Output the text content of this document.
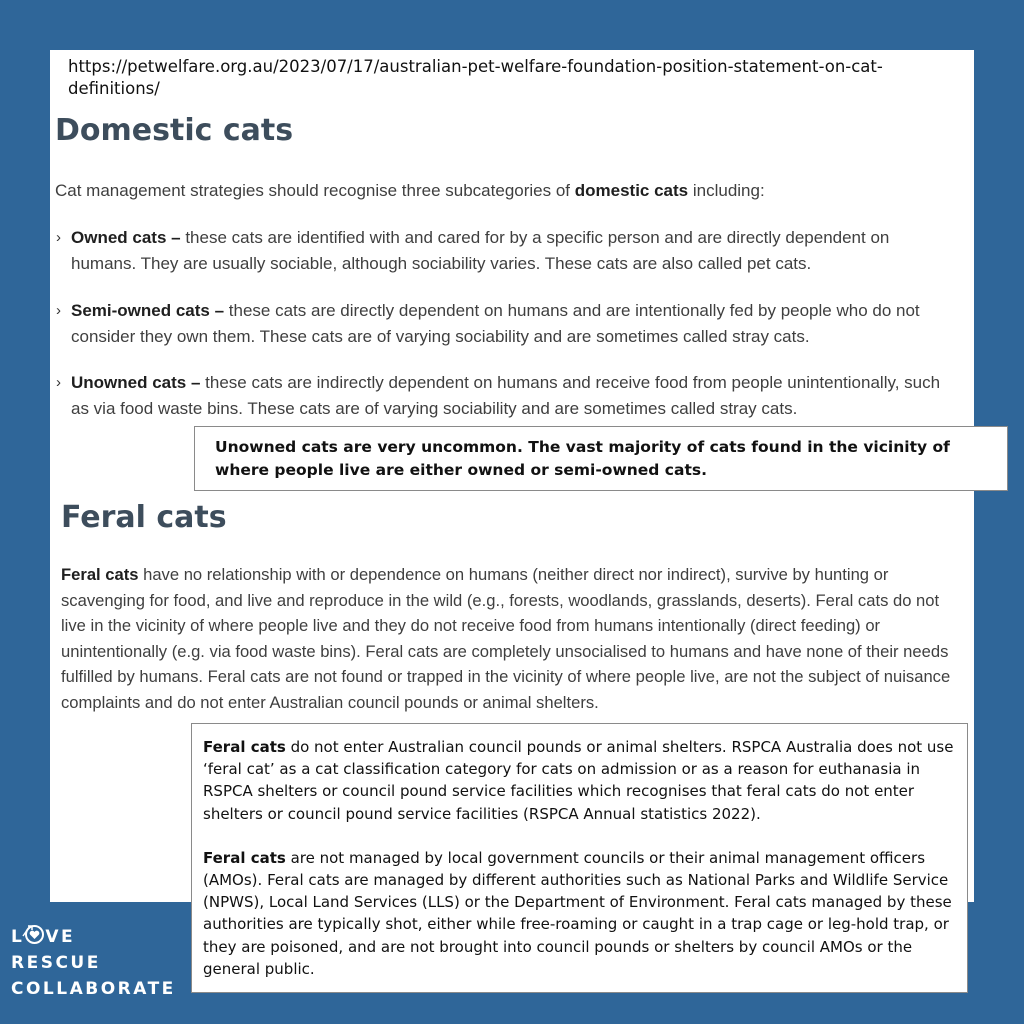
https://petwelfare.org.au/2023/07/17/australian-pet-welfare-foundation-position-statement-on-cat-definitions/
Domestic cats
Cat management strategies should recognise three subcategories of domestic cats including:
› Owned cats – these cats are identified with and cared for by a specific person and are directly dependent on humans. They are usually sociable, although sociability varies. These cats are also called pet cats.
› Semi-owned cats – these cats are directly dependent on humans and are intentionally fed by people who do not consider they own them. These cats are of varying sociability and are sometimes called stray cats.
› Unowned cats – these cats are indirectly dependent on humans and receive food from people unintentionally, such as via food waste bins. These cats are of varying sociability and are sometimes called stray cats.
Unowned cats are very uncommon. The vast majority of cats found in the vicinity of where people live are either owned or semi-owned cats.
Feral cats
Feral cats have no relationship with or dependence on humans (neither direct nor indirect), survive by hunting or scavenging for food, and live and reproduce in the wild (e.g., forests, woodlands, grasslands, deserts). Feral cats do not live in the vicinity of where people live and they do not receive food from humans intentionally (direct feeding) or unintentionally (e.g. via food waste bins). Feral cats are completely unsocialised to humans and have none of their needs fulfilled by humans. Feral cats are not found or trapped in the vicinity of where people live, are not the subject of nuisance complaints and do not enter Australian council pounds or animal shelters.

Feral cats do not enter Australian council pounds or animal shelters. RSPCA Australia does not use ‘feral cat’ as a cat classification category for cats on admission or as a reason for euthanasia in RSPCA shelters or council pound service facilities which recognises that feral cats do not enter shelters or council pound service facilities (RSPCA Annual statistics 2022).

Feral cats are not managed by local government councils or their animal management officers (AMOs). Feral cats are managed by different authorities such as National Parks and Wildlife Service (NPWS), Local Land Services (LLS) or the Department of Environment. Feral cats managed by these authorities are typically shot, either while free-roaming or caught in a trap cage or leg-hold trap, or they are poisoned, and are not brought into council pounds or shelters by council AMOs or the general public.

L VE
RESCUE
COLLABORATE
